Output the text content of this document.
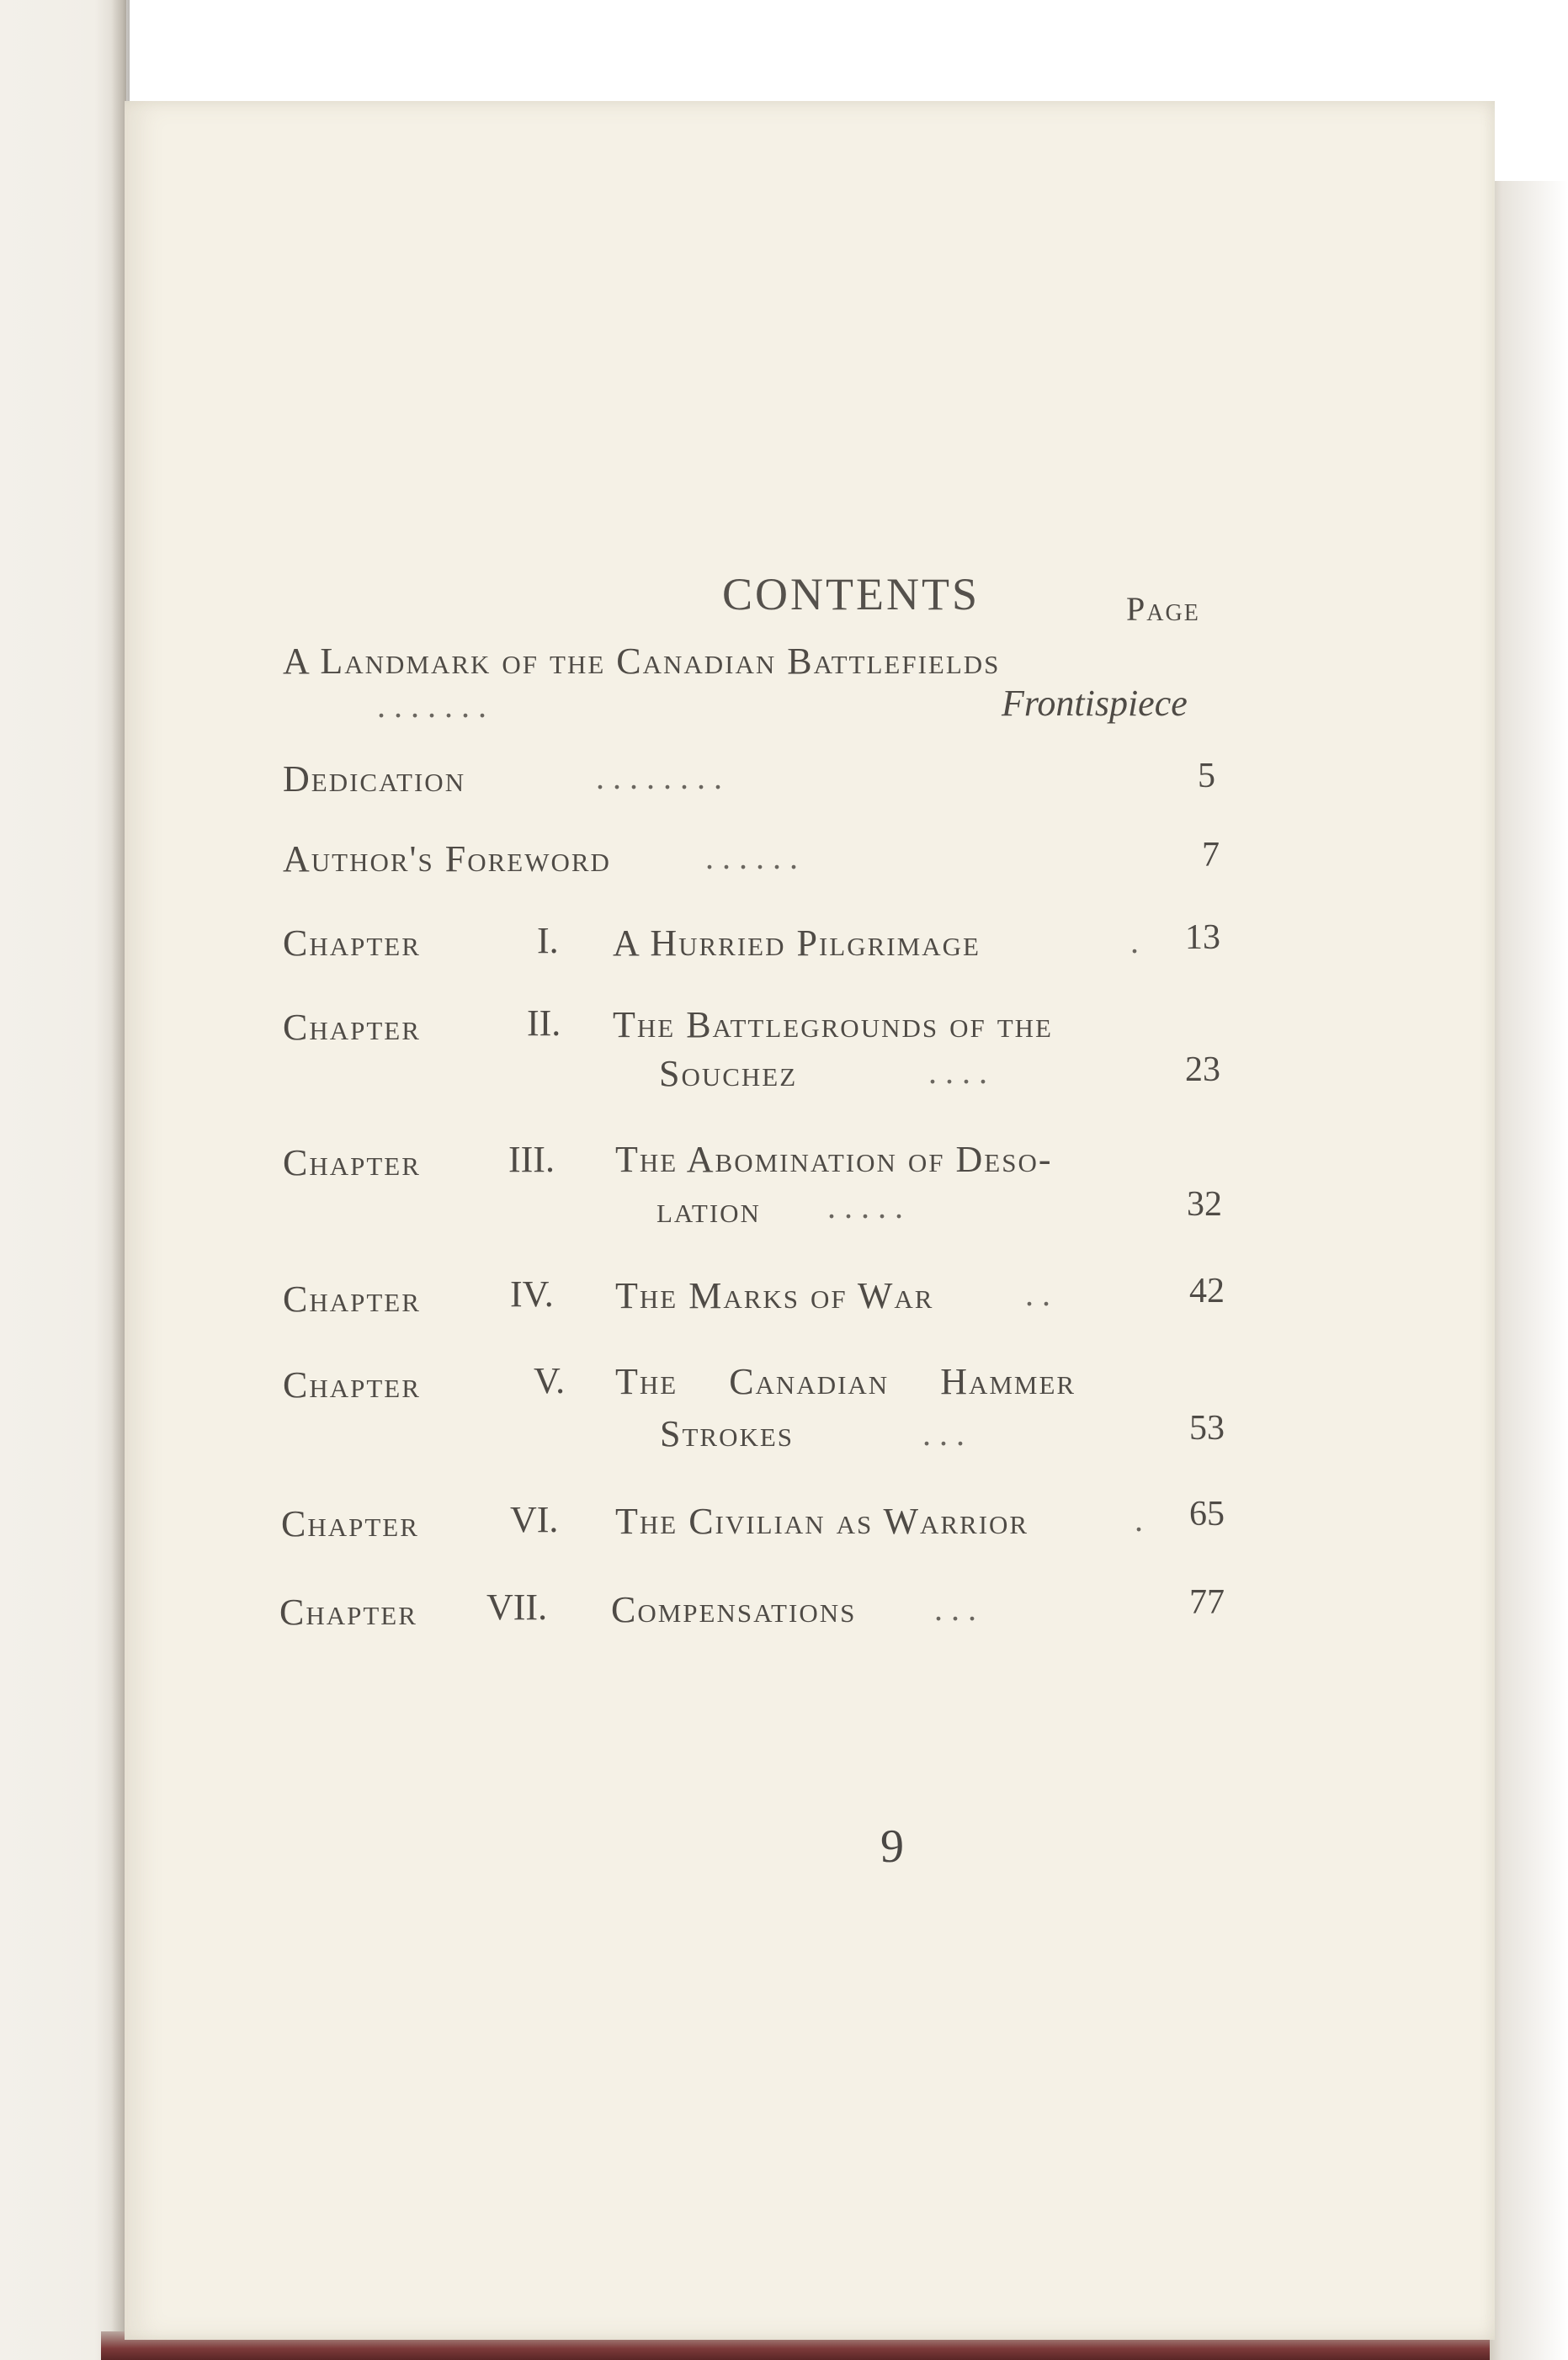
CONTENTS	Page
A Landmark of the Canadian Battlefields
. . . . . . .	Frontispiece
Dedication	. . . . . . . .	5
Author's Foreword	. . . . . .	7
Chapter	I. A Hurried Pilgrimage	. 13
Chapter	II. The Battlegrounds of the
Souchez	. . . .	23
Chapter III. The Abomination of Deso-
lation . . . . .	32
Chapter IV. The Marks of War	. .	42
Chapter	V. The Canadian Hammer
Strokes	. . .	53
Chapter VI. The Civilian as Warrior	. 65
Chapter VII. Compensations . . .	77
9
